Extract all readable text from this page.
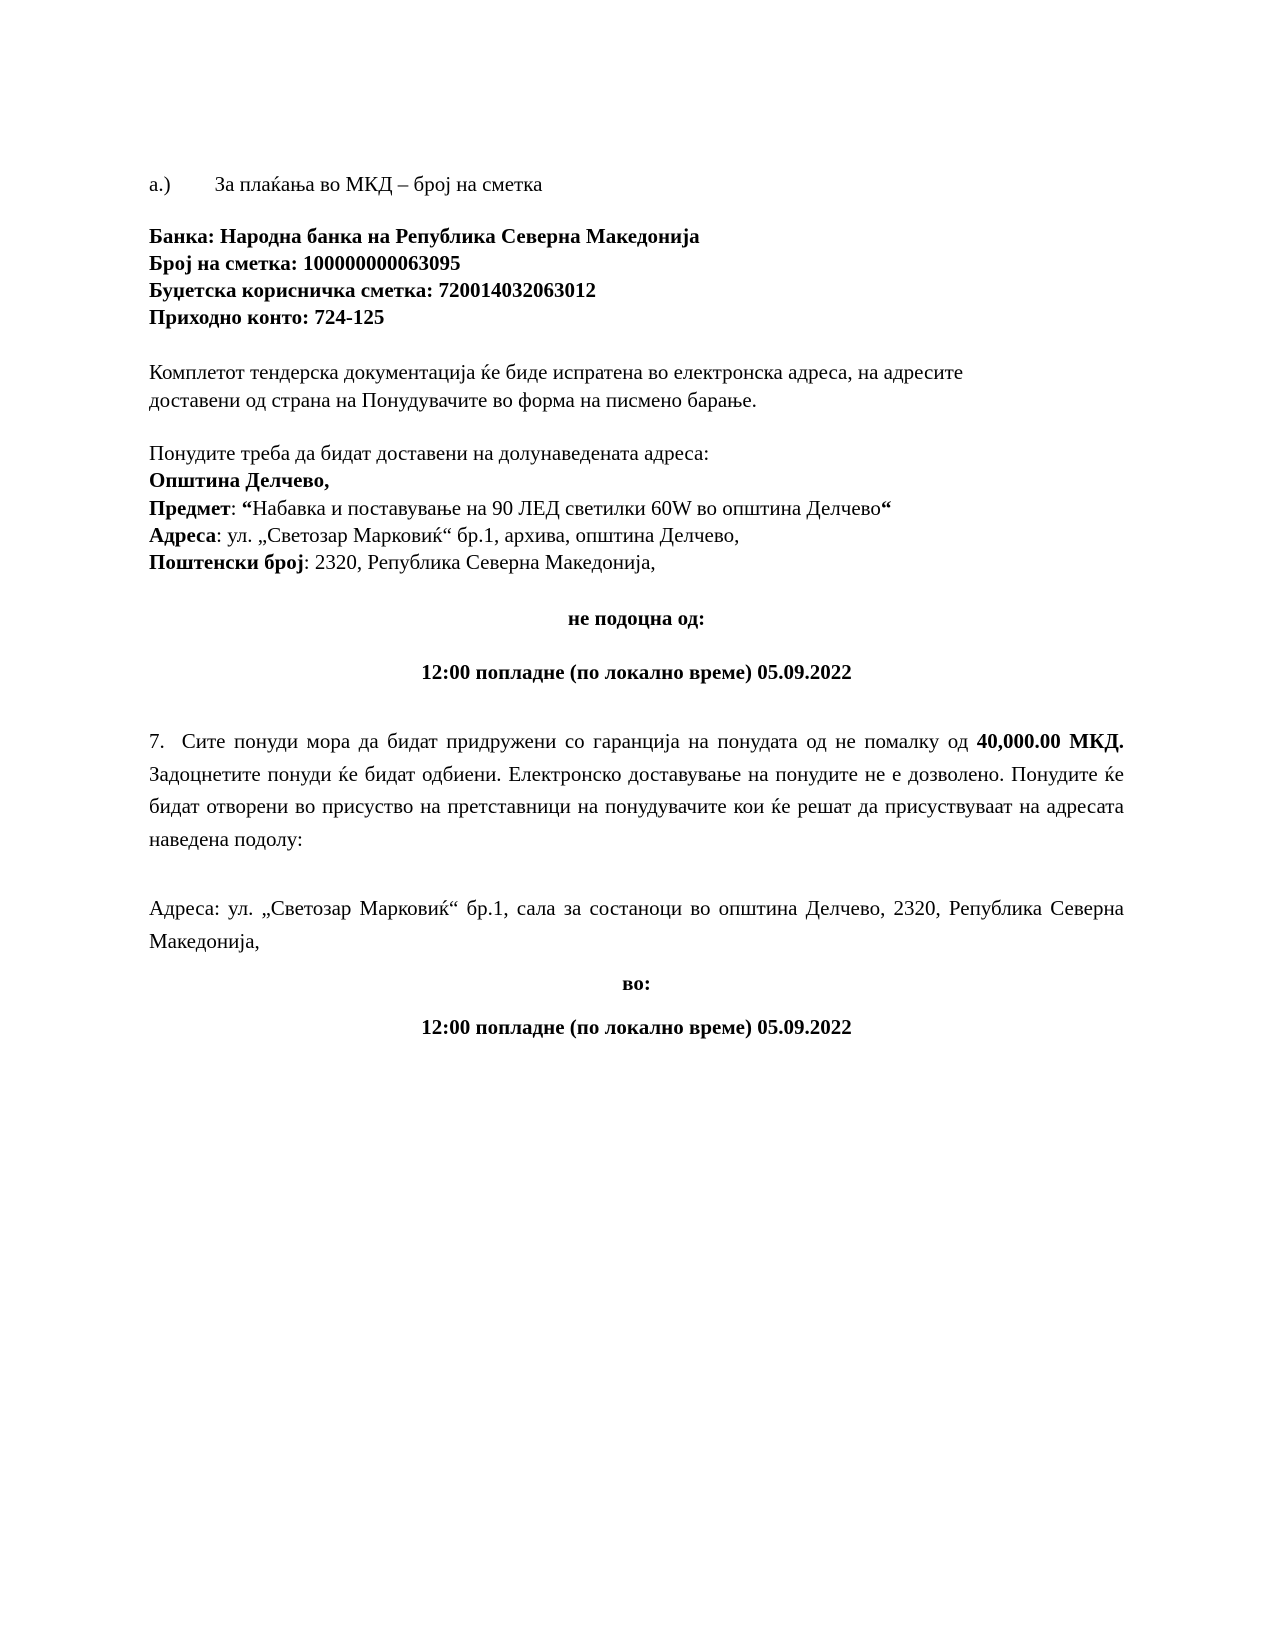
a.) За плаќања во МКД – број на сметка
Банка: Народна банка на Република Северна Македонија
Број на сметка: 100000000063095
Буџетска корисничка сметка: 720014032063012
Приходно конто: 724-125
Комплетот тендерска документација ќе биде испратена во електронска адреса, на адресите
доставени од страна на Понудувачите во форма на писмено барање.
Понудите треба да бидат доставени на долунаведената адреса:
Општина Делчево,
Предмет: “Набавка и поставување на 90 ЛЕД светилки 60W во општина Делчево“
Адреса: ул. „Светозар Марковиќ“ бр.1, архива, општина Делчево,
Поштенски број: 2320, Република Северна Македонија,
не подоцна од:
12:00 попладне (по локално време) 05.09.2022
7. Сите понуди мора да бидат придружени со гаранција на понудата од не помалку од 40,000.00 МКД. Задоцнетите понуди ќе бидат одбиени. Електронско доставување на понудите не е дозволено. Понудите ќе бидат отворени во присуство на претставници на понудувачите кои ќе решат да присуствуваат на адресата наведена подолу:
Адреса: ул. „Светозар Марковиќ“ бр.1, сала за состаноци во општина Делчево, 2320, Република Северна Македонија,
во:
12:00 попладне (по локално време) 05.09.2022
